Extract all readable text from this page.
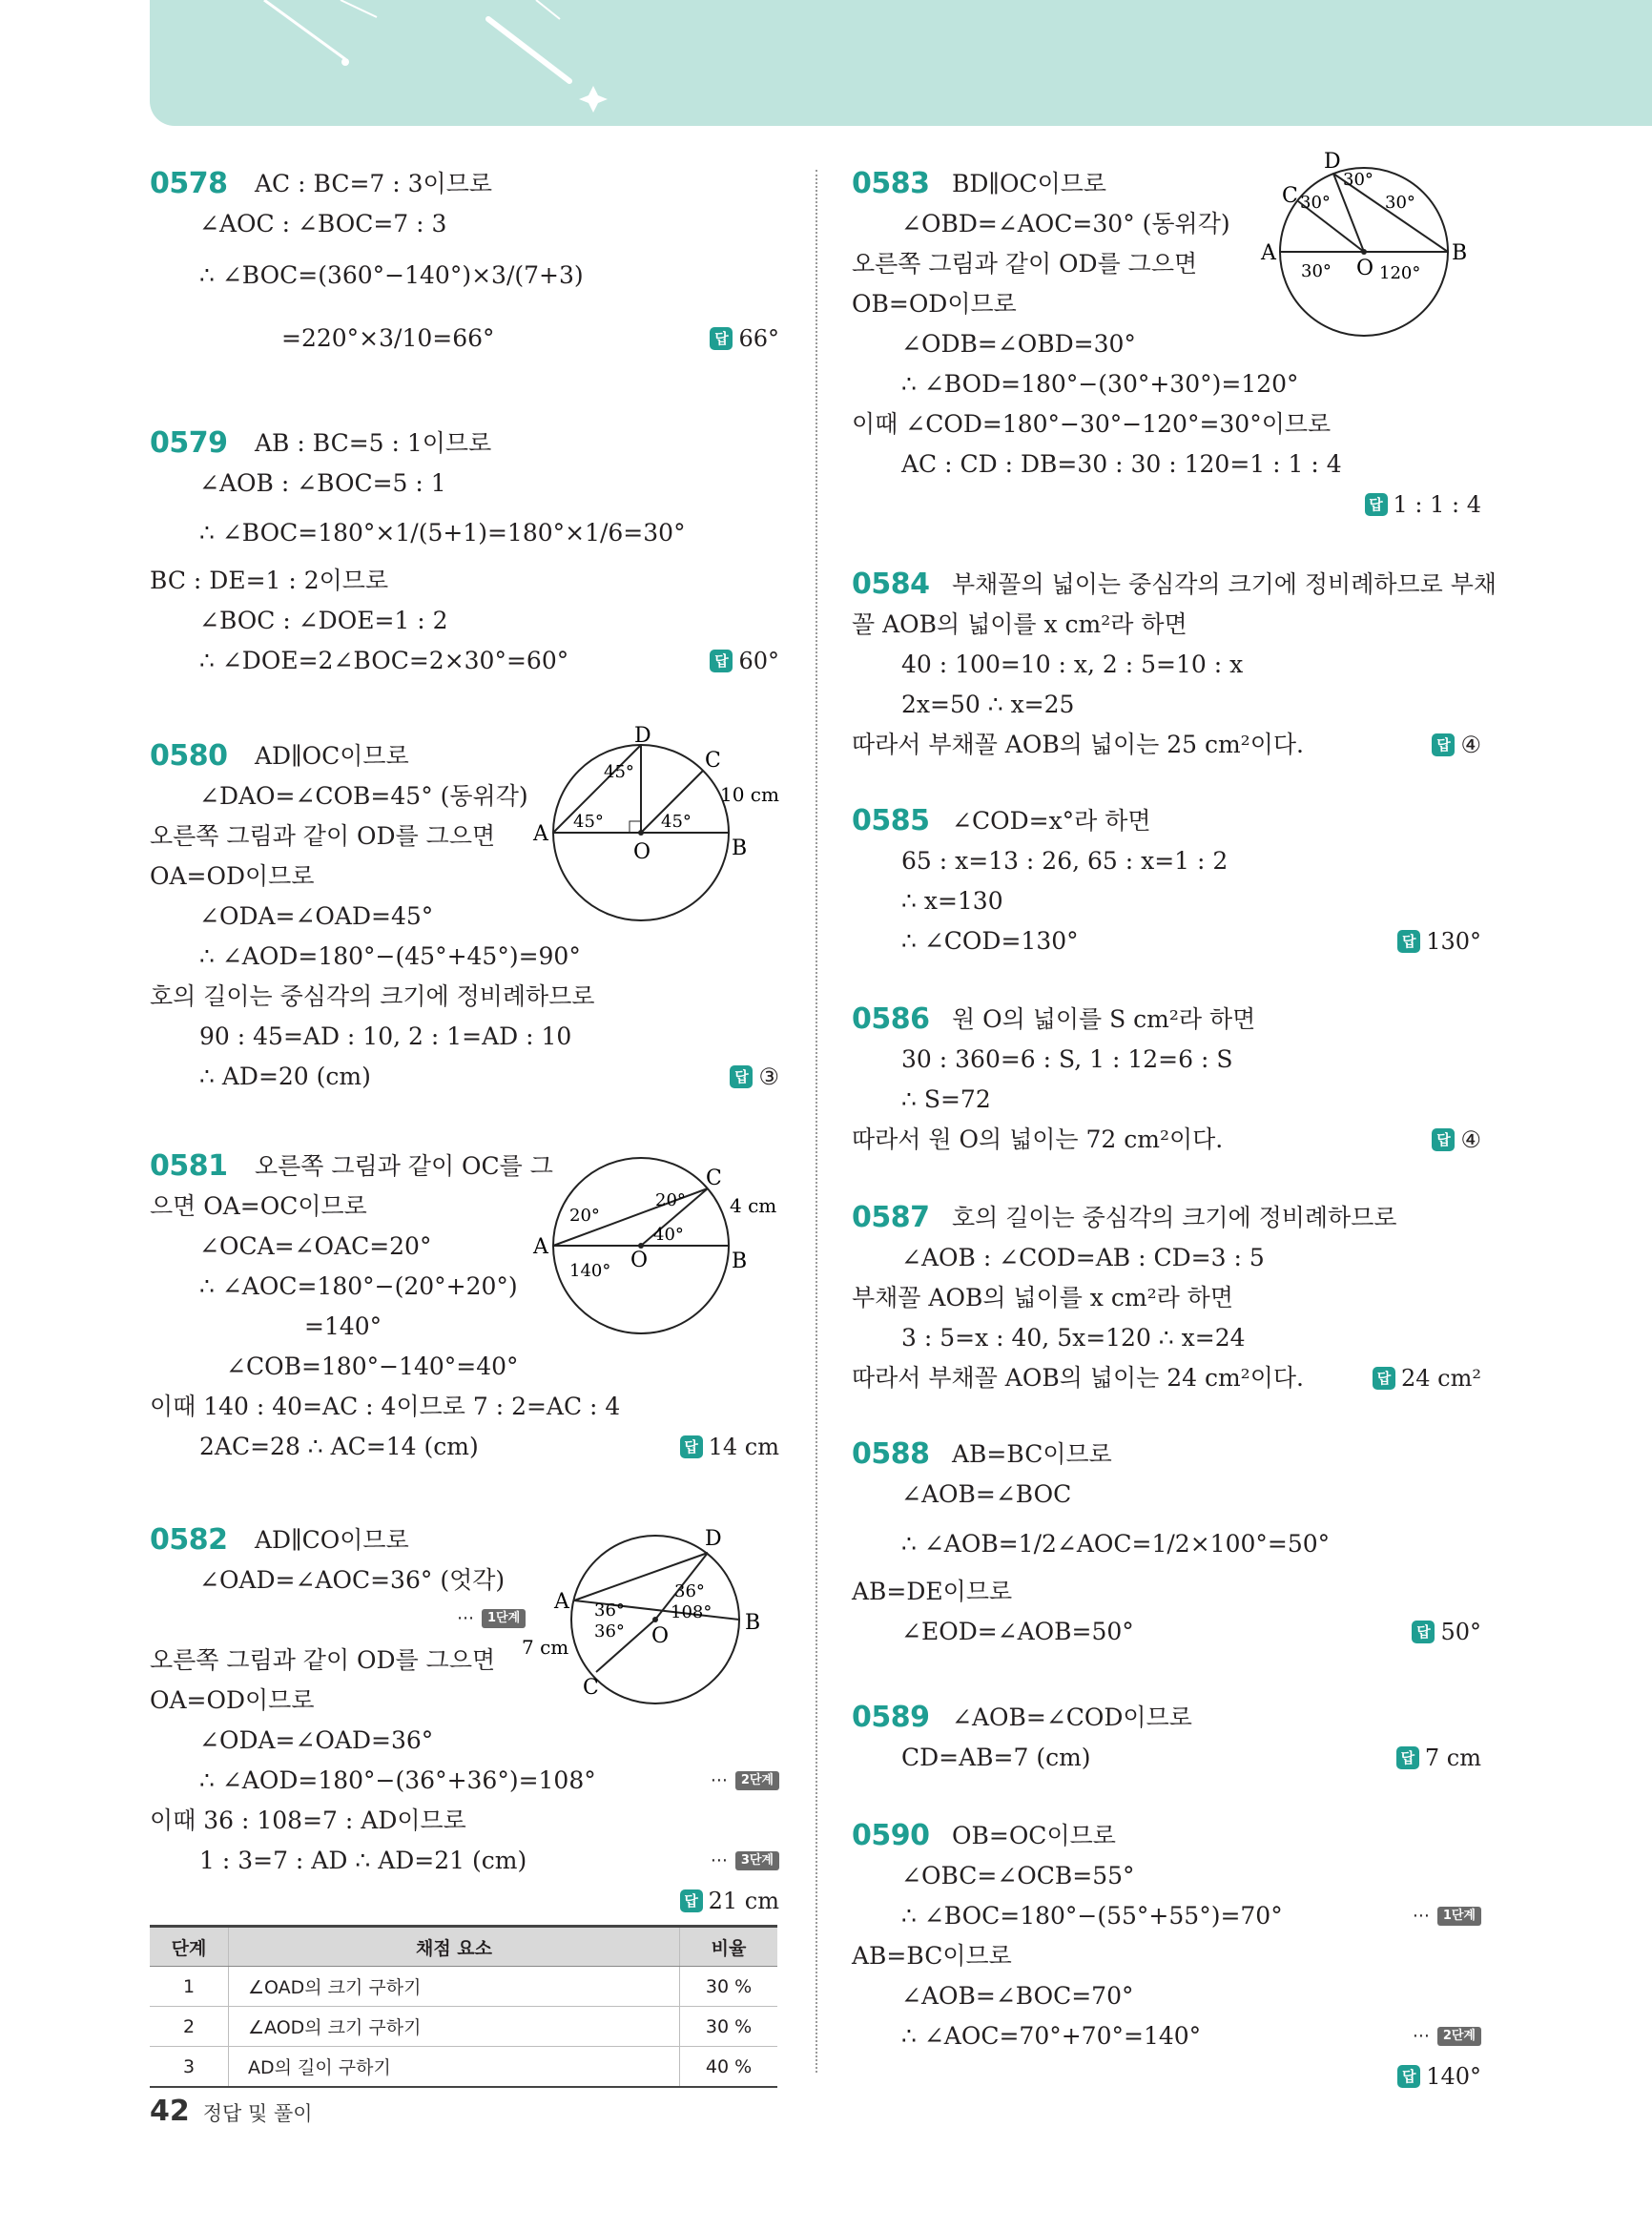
0578 AC : BC=7 : 3이므로
∠AOC : ∠BOC=7 : 3
∴ ∠BOC=(360°−140°)×3/(7+3)
=220°×3/10=66°	답 66°
0579 AB : BC=5 : 1이므로
∠AOB : ∠BOC=5 : 1
∴ ∠BOC=180°×1/(5+1)=180°×1/6=30°
BC : DE=1 : 2이므로
∠BOC : ∠DOE=1 : 2
∴ ∠DOE=2∠BOC=2×30°=60°	답 60°
0580 AD∥OC이므로
∠DAO=∠COB=45° (동위각)
오른쪽 그림과 같이 OD를 그으면
OA=OD이므로
∠ODA=∠OAD=45°
∴ ∠AOD=180°−(45°+45°)=90°
호의 길이는 중심각의 크기에 정비례하므로
90 : 45=AD : 10, 2 : 1=AD : 10
∴ AD=20 (cm)	답 ③
A
B
C
D
O
45°
45°	45°
10 cm
0581 오른쪽 그림과 같이 OC를 그
으면 OA=OC이므로
∠OCA=∠OAC=20°
∴ ∠AOC=180°−(20°+20°)
=140°
∠COB=180°−140°=40°
이때 140 : 40=AC : 4이므로 7 : 2=AC : 4
2AC=28 ∴ AC=14 (cm)	답 14 cm
A
B
C
O
20°
20°
40°
140°
4 cm
0582 AD∥CO이므로
∠OAD=∠AOC=36° (엇각)
⋯	1단계
오른쪽 그림과 같이 OD를 그으면
OA=OD이므로
∠ODA=∠OAD=36°
∴ ∠AOD=180°−(36°+36°)=108°	⋯	2단계
이때 36 : 108=7 : AD이므로
1 : 3=7 : AD ∴ AD=21 (cm)	⋯	3단계
답 21 cm
A
B
C
D
O
36°
36°
36°
108°
7 cm
단계	채점 요소	비율
1	∠OAD의 크기 구하기	30 %
2	∠AOD의 크기 구하기	30 %
3	AD의 길이 구하기	40 %
0583 BD∥OC이므로
∠OBD=∠AOC=30° (동위각)
오른쪽 그림과 같이 OD를 그으면
OB=OD이므로
∠ODB=∠OBD=30°
∴ ∠BOD=180°−(30°+30°)=120°
이때 ∠COD=180°−30°−120°=30°이므로
AC : CD : DB=30 : 30 : 120=1 : 1 : 4
답 1 : 1 : 4
A	B
C
D
O
30°
30°	30°
30°	120°
0584 부채꼴의 넓이는 중심각의 크기에 정비례하므로 부채
꼴 AOB의 넓이를 x cm²라 하면
40 : 100=10 : x, 2 : 5=10 : x
2x=50 ∴ x=25
따라서 부채꼴 AOB의 넓이는 25 cm²이다.	답 ④
0585 ∠COD=x°라 하면
65 : x=13 : 26, 65 : x=1 : 2
∴ x=130
∴ ∠COD=130°	답 130°
0586 원 O의 넓이를 S cm²라 하면
30 : 360=6 : S, 1 : 12=6 : S
∴ S=72
따라서 원 O의 넓이는 72 cm²이다.	답 ④
0587 호의 길이는 중심각의 크기에 정비례하므로
∠AOB : ∠COD=AB : CD=3 : 5
부채꼴 AOB의 넓이를 x cm²라 하면
3 : 5=x : 40, 5x=120 ∴ x=24
따라서 부채꼴 AOB의 넓이는 24 cm²이다.	답 24 cm²
0588 AB=BC이므로
∠AOB=∠BOC
∴ ∠AOB=1/2∠AOC=1/2×100°=50°
AB=DE이므로
∠EOD=∠AOB=50°	답 50°
0589 ∠AOB=∠COD이므로
CD=AB=7 (cm)	답 7 cm
0590 OB=OC이므로
∠OBC=∠OCB=55°
∴ ∠BOC=180°−(55°+55°)=70°	⋯	1단계
AB=BC이므로
∠AOB=∠BOC=70°
∴ ∠AOC=70°+70°=140°	⋯	2단계
답 140°
42 정답 및 풀이
